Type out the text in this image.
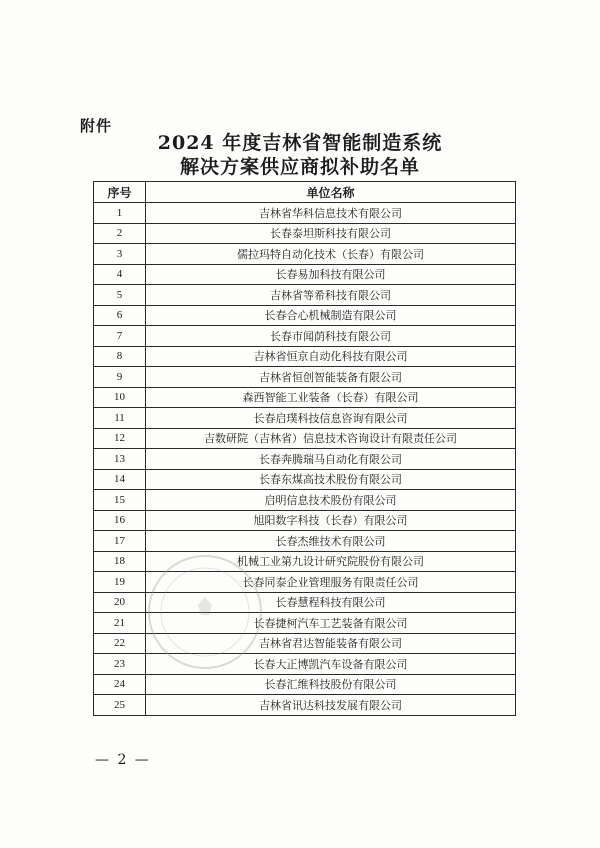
附件
2024 年度吉林省智能制造系统
解决方案供应商拟补助名单
序号	单位名称
1	吉林省华科信息技术有限公司
2	长春泰坦斯科技有限公司
3	儒拉玛特自动化技术（长春）有限公司
4	长春易加科技有限公司
5	吉林省等希科技有限公司
6	长春合心机械制造有限公司
7	长春市闻荫科技有限公司
8	吉林省恒京自动化科技有限公司
9	吉林省恒创智能装备有限公司
10	森西智能工业装备（长春）有限公司
11	长春启璞科技信息咨询有限公司
12	吉数研院（吉林省）信息技术咨询设计有限责任公司
13	长春奔腾瑞马自动化有限公司
14	长春东煤高技术股份有限公司
15	启明信息技术股份有限公司
16	旭阳数字科技（长春）有限公司
17	长春杰维技术有限公司
18	机械工业第九设计研究院股份有限公司
19	长春同泰企业管理服务有限责任公司
20	长春慧程科技有限公司
21	长春捷柯汽车工艺装备有限公司
22	吉林省君达智能装备有限公司
23	长春大正博凯汽车设备有限公司
24	长春汇维科技股份有限公司
25	吉林省讯达科技发展有限公司
— 2 —
